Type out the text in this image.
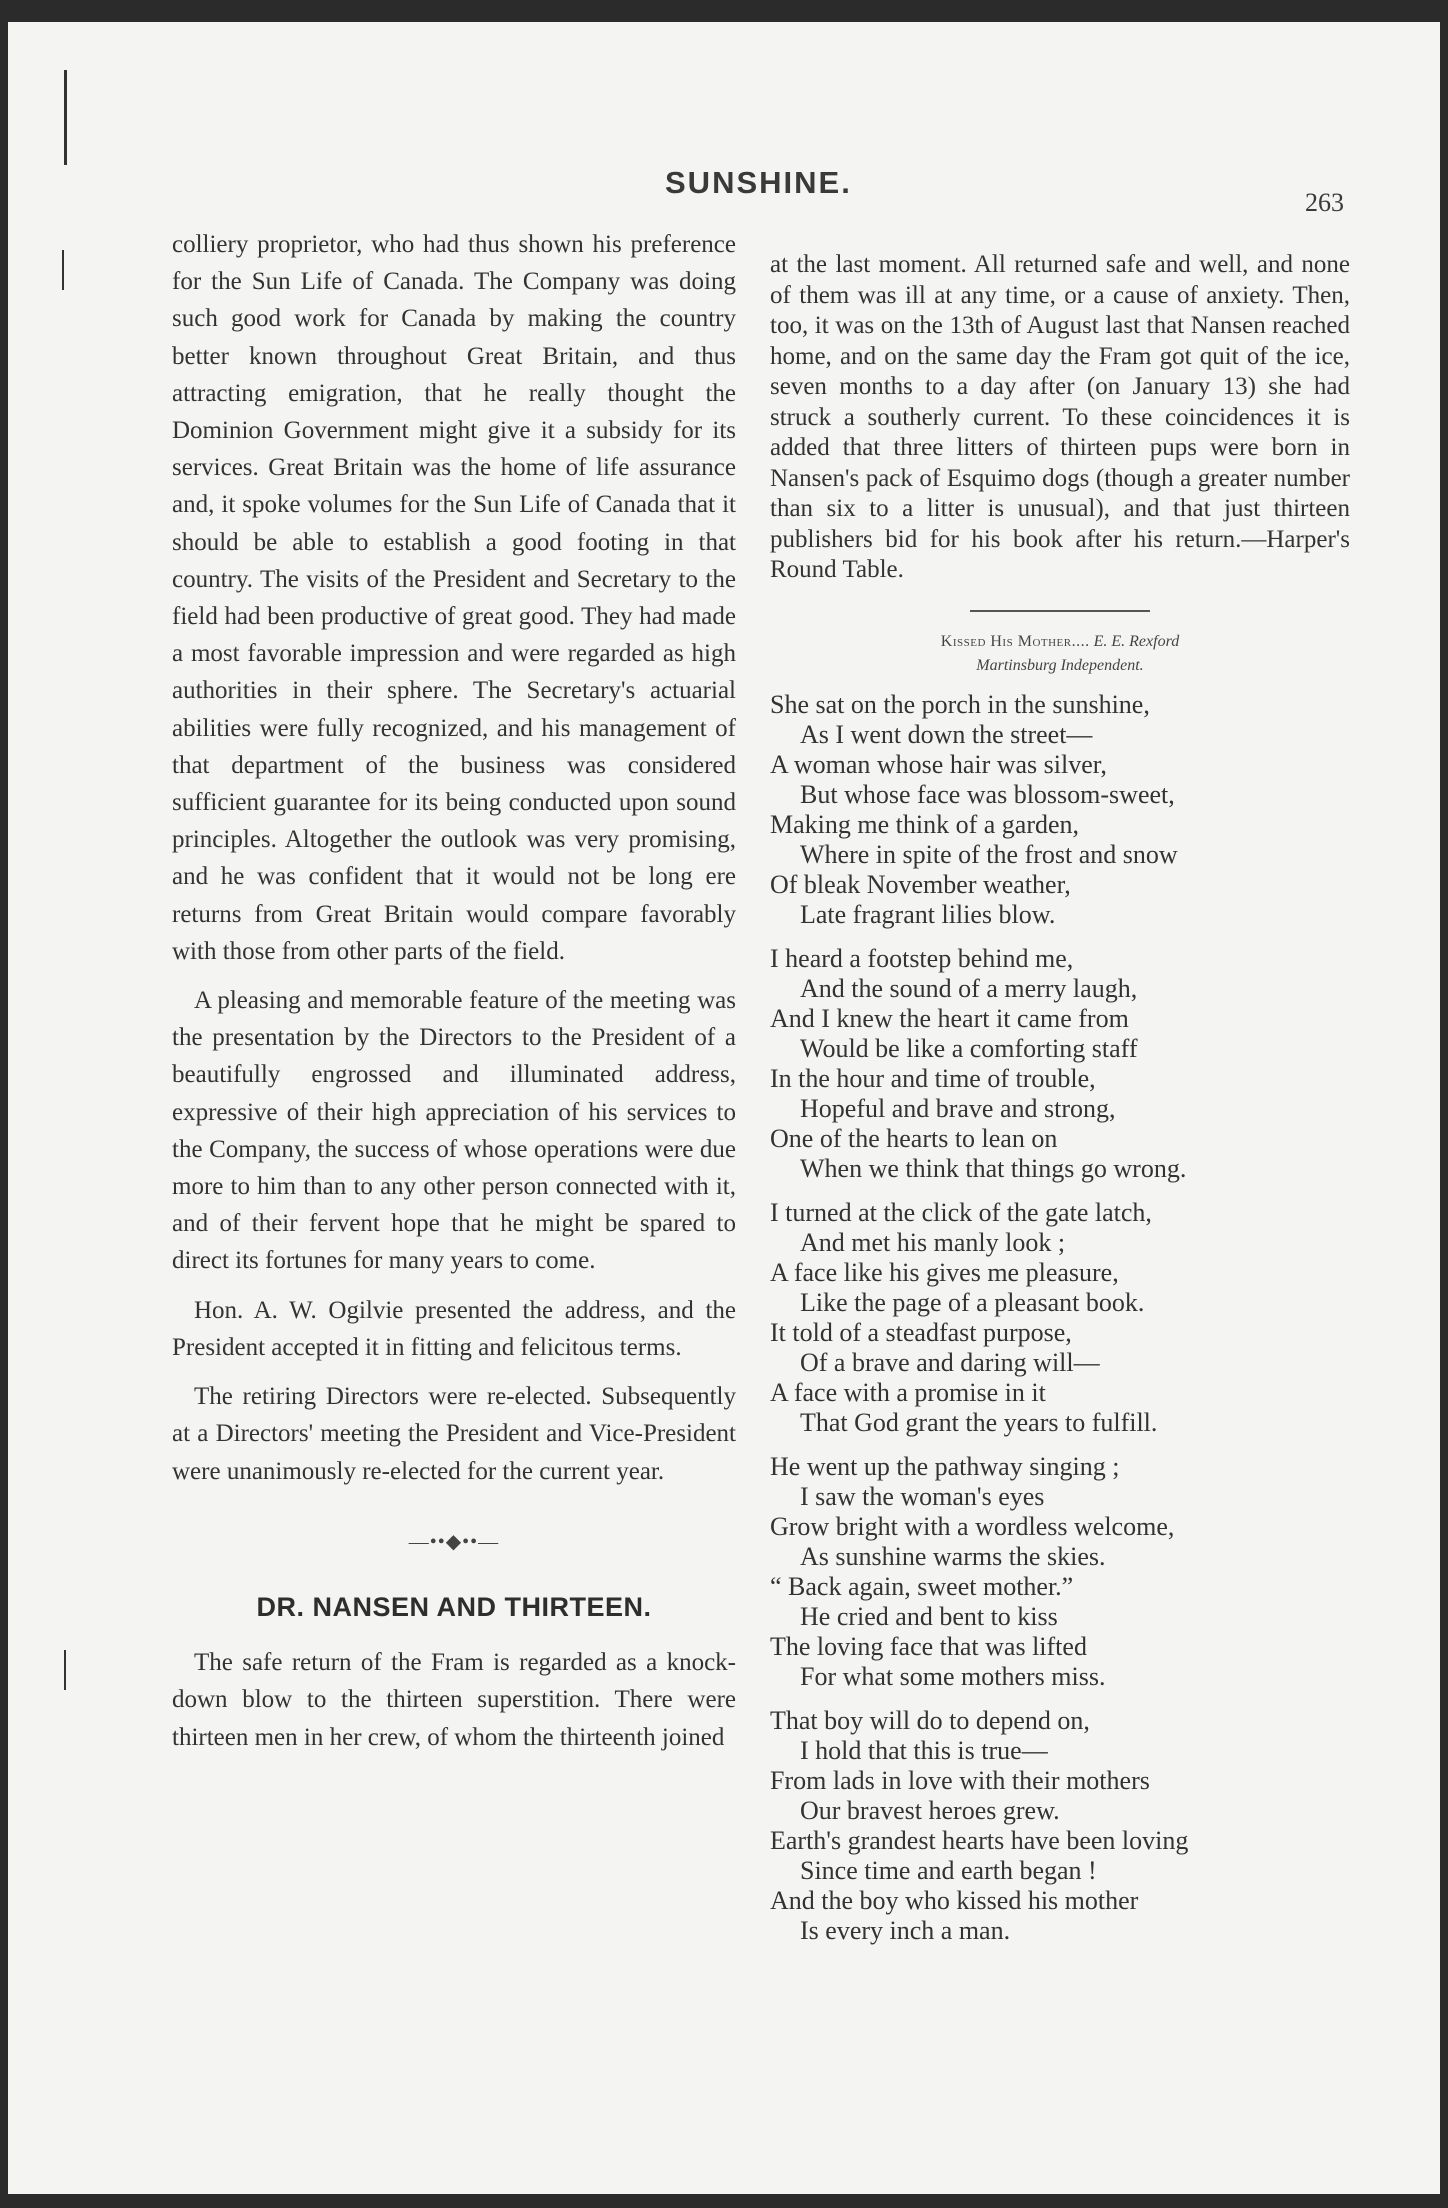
SUNSHINE.
263

colliery proprietor, who had thus shown his preference for the Sun Life of Canada. The Company was doing such good work for Canada by making the country better known throughout Great Britain, and thus attracting emigration, that he really thought the Dominion Government might give it a subsidy for its services. Great Britain was the home of life assurance and, it spoke volumes for the Sun Life of Canada that it should be able to establish a good footing in that country. The visits of the President and Secretary to the field had been productive of great good. They had made a most favorable impression and were regarded as high authorities in their sphere. The Secretary's actuarial abilities were fully recognized, and his management of that department of the business was considered sufficient guarantee for its being conducted upon sound principles. Altogether the outlook was very promising, and he was confident that it would not be long ere returns from Great Britain would compare favorably with those from other parts of the field.

A pleasing and memorable feature of the meeting was the presentation by the Directors to the President of a beautifully engrossed and illuminated address, expressive of their high appreciation of his services to the Company, the success of whose operations were due more to him than to any other person connected with it, and of their fervent hope that he might be spared to direct its fortunes for many years to come.

Hon. A. W. Ogilvie presented the address, and the President accepted it in fitting and felicitous terms.

The retiring Directors were re-elected. Subsequently at a Directors' meeting the President and Vice-President were unanimously re-elected for the current year.

—••◆••—
DR. NANSEN AND THIRTEEN.

The safe return of the Fram is regarded as a knock-down blow to the thirteen superstition. There were thirteen men in her crew, of whom the thirteenth joined

at the last moment. All returned safe and well, and none of them was ill at any time, or a cause of anxiety. Then, too, it was on the 13th of August last that Nansen reached home, and on the same day the Fram got quit of the ice, seven months to a day after (on January 13) she had struck a southerly current. To these coincidences it is added that three litters of thirteen pups were born in Nansen's pack of Esquimo dogs (though a greater number than six to a litter is unusual), and that just thirteen publishers bid for his book after his return.—Harper's Round Table.

Kissed His Mother.... E. E. Rexford
Martinsburg Independent.
She sat on the porch in the sunshine,
As I went down the street—
A woman whose hair was silver,
But whose face was blossom-sweet,
Making me think of a garden,
Where in spite of the frost and snow
Of bleak November weather,
Late fragrant lilies blow.
I heard a footstep behind me,
And the sound of a merry laugh,
And I knew the heart it came from
Would be like a comforting staff
In the hour and time of trouble,
Hopeful and brave and strong,
One of the hearts to lean on
When we think that things go wrong.
I turned at the click of the gate latch,
And met his manly look ;
A face like his gives me pleasure,
Like the page of a pleasant book.
It told of a steadfast purpose,
Of a brave and daring will—
A face with a promise in it
That God grant the years to fulfill.
He went up the pathway singing ;
I saw the woman's eyes
Grow bright with a wordless welcome,
As sunshine warms the skies.
“ Back again, sweet mother.”
He cried and bent to kiss
The loving face that was lifted
For what some mothers miss.
That boy will do to depend on,
I hold that this is true—
From lads in love with their mothers
Our bravest heroes grew.
Earth's grandest hearts have been loving
Since time and earth began !
And the boy who kissed his mother
Is every inch a man.
